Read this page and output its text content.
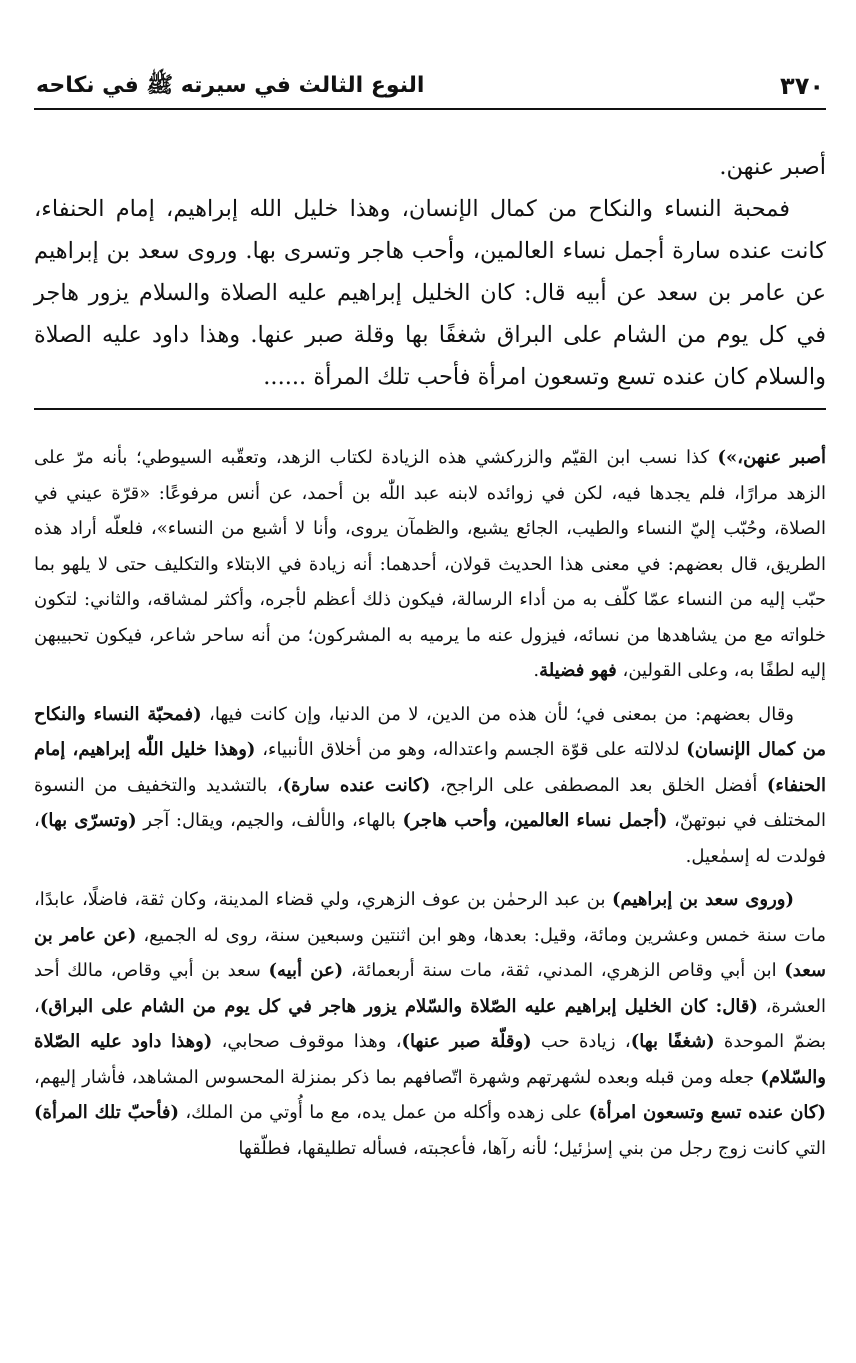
٣٧٠
النوع الثالث في سيرته ﷺ في نكاحه

أصبر عنهن.

فمحبة النساء والنكاح من كمال الإنسان، وهذا خليل الله إبراهيم، إمام الحنفاء، كانت عنده سارة أجمل نساء العالمين، وأحب هاجر وتسرى بها. وروى سعد بن إبراهيم عن عامر بن سعد عن أبيه قال: كان الخليل إبراهيم عليه الصلاة والسلام يزور هاجر في كل يوم من الشام على البراق شغفًا بها وقلة صبر عنها. وهذا داود عليه الصلاة والسلام كان عنده تسع وتسعون امرأة فأحب تلك المرأة ......

أصبر عنهن،») كذا نسب ابن القيّم والزركشي هذه الزيادة لكتاب الزهد، وتعقّبه السيوطي؛ بأنه مرّ على الزهد مرارًا، فلم يجدها فيه، لكن في زوائده لابنه عبد اللّٰه بن أحمد، عن أنس مرفوعًا: «قرّة عيني في الصلاة، وحُبّب إليّ النساء والطيب، الجائع يشبع، والظمآن يروى، وأنا لا أشبع من النساء»، فلعلّه أراد هذه الطريق، قال بعضهم: في معنى هذا الحديث قولان، أحدهما: أنه زيادة في الابتلاء والتكليف حتى لا يلهو بما حبّب إليه من النساء عمّا كلّف به من أداء الرسالة، فيكون ذلك أعظم لأجره، وأكثر لمشاقه، والثاني: لتكون خلواته مع من يشاهدها من نسائه، فيزول عنه ما يرميه به المشركون؛ من أنه ساحر شاعر، فيكون تحبيبهن إليه لطفًا به، وعلى القولين، فهو فضيلة.

وقال بعضهم: من بمعنى في؛ لأن هذه من الدين، لا من الدنيا، وإن كانت فيها، (فمحبّة النساء والنكاح من كمال الإنسان) لدلالته على قوّة الجسم واعتداله، وهو من أخلاق الأنبياء، (وهذا خليل اللّٰه إبراهيم، إمام الحنفاء) أفضل الخلق بعد المصطفى على الراجح، (كانت عنده سارة)، بالتشديد والتخفيف من النسوة المختلف في نبوتهنّ، (أجمل نساء العالمين، وأحب هاجر) بالهاء، والألف، والجيم، ويقال: آجر (وتسرّى بها)، فولدت له إسمٰعيل.

(وروى سعد بن إبراهيم) بن عبد الرحمٰن بن عوف الزهري، ولي قضاء المدينة، وكان ثقة، فاضلًا، عابدًا، مات سنة خمس وعشرين ومائة، وقيل: بعدها، وهو ابن اثنتين وسبعين سنة، روى له الجميع، (عن عامر بن سعد) ابن أبي وقاص الزهري، المدني، ثقة، مات سنة أربعمائة، (عن أبيه) سعد بن أبي وقاص، مالك أحد العشرة، (قال: كان الخليل إبراهيم عليه الصّلاة والسّلام يزور هاجر في كل يوم من الشام على البراق)، بضمّ الموحدة (شغفًا بها)، زيادة حب (وقلّة صبر عنها)، وهذا موقوف صحابي، (وهذا داود عليه الصّلاة والسّلام) جعله ومن قبله وبعده لشهرتهم وشهرة اتّصافهم بما ذكر بمنزلة المحسوس المشاهد، فأشار إليهم، (كان عنده تسع وتسعون امرأة) على زهده وأكله من عمل يده، مع ما أُوتي من الملك، (فأحبّ تلك المرأة) التي كانت زوج رجل من بني إسرٰئيل؛ لأنه رآها، فأعجبته، فسأله تطليقها، فطلّقها
